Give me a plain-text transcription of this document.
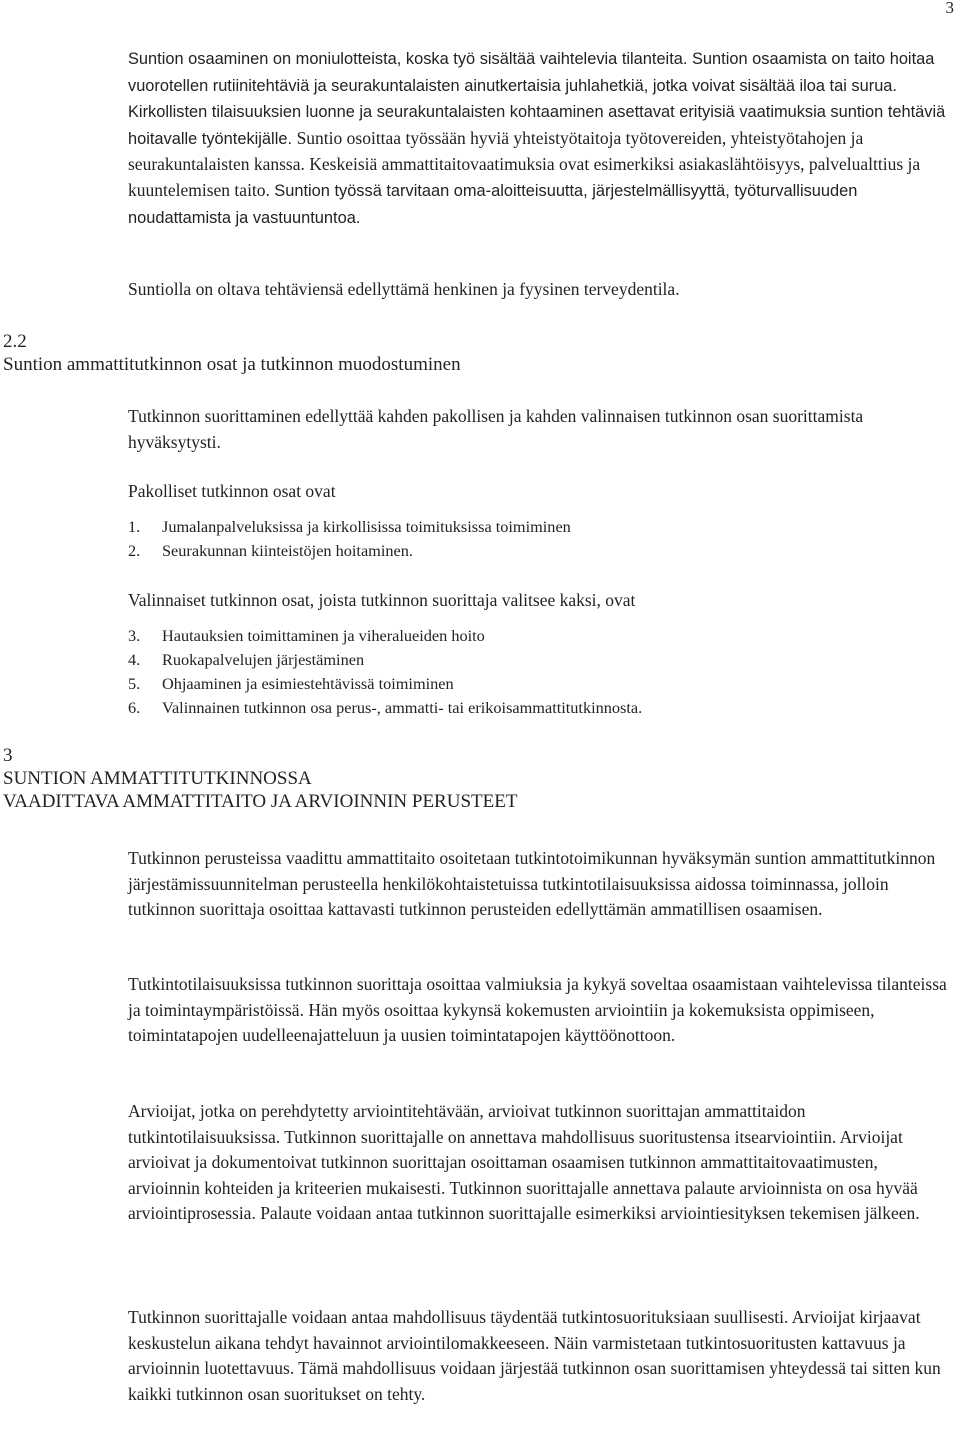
3

Suntion osaaminen on moniulotteista, koska työ sisältää vaihtelevia tilanteita. Suntion osaamista on taito hoitaa vuorotellen rutiinitehtäviä ja seurakuntalaisten ainutkertaisia juhlahetkiä, jotka voivat sisältää iloa tai surua. Kirkollisten tilaisuuksien luonne ja seurakuntalaisten kohtaaminen asettavat erityisiä vaatimuksia suntion tehtäviä hoitavalle työntekijälle. Suntio osoittaa työssään hyviä yhteistyötaitoja työtovereiden, yhteistyötahojen ja seurakuntalaisten kanssa. Keskeisiä ammattitaitovaatimuksia ovat esimerkiksi asiakaslähtöisyys, palvelualttius ja kuuntelemisen taito. Suntion työssä tarvitaan oma-aloitteisuutta, järjestelmällisyyttä, työturvallisuuden noudattamista ja vastuuntuntoa.

Suntiolla on oltava tehtäviensä edellyttämä henkinen ja fyysinen terveydentila.

2.2
Suntion ammattitutkinnon osat ja tutkinnon muodostuminen

Tutkinnon suorittaminen edellyttää kahden pakollisen ja kahden valinnaisen tutkinnon osan suorittamista hyväksytysti.

Pakolliset tutkinnon osat ovat

1. Jumalanpalveluksissa ja kirkollisissa toimituksissa toimiminen
2. Seurakunnan kiinteistöjen hoitaminen.

Valinnaiset tutkinnon osat, joista tutkinnon suorittaja valitsee kaksi, ovat

3. Hautauksien toimittaminen ja viheralueiden hoito
4. Ruokapalvelujen järjestäminen
5. Ohjaaminen ja esimiestehtävissä toimiminen
6. Valinnainen tutkinnon osa perus-, ammatti- tai erikoisammattitutkinnosta.
3
SUNTION AMMATTITUTKINNOSSA
VAADITTAVA AMMATTITAITO JA ARVIOINNIN PERUSTEET

Tutkinnon perusteissa vaadittu ammattitaito osoitetaan tutkintotoimikunnan hyväksymän suntion ammattitutkinnon järjestämissuunnitelman perusteella henkilökohtaistetuissa tutkintotilaisuuksissa aidossa toiminnassa, jolloin tutkinnon suorittaja osoittaa kattavasti tutkinnon perusteiden edellyttämän ammatillisen osaamisen.

Tutkintotilaisuuksissa tutkinnon suorittaja osoittaa valmiuksia ja kykyä soveltaa osaamistaan vaihtelevissa tilanteissa ja toimintaympäristöissä. Hän myös osoittaa kykynsä kokemusten arviointiin ja kokemuksista oppimiseen, toimintatapojen uudelleenajatteluun ja uusien toimintatapojen käyttöönottoon.

Arvioijat, jotka on perehdytetty arviointitehtävään, arvioivat tutkinnon suorittajan ammattitaidon tutkintotilaisuuksissa. Tutkinnon suorittajalle on annettava mahdollisuus suoritustensa itsearviointiin. Arvioijat arvioivat ja dokumentoivat tutkinnon suorittajan osoittaman osaamisen tutkinnon ammattitaitovaatimusten, arvioinnin kohteiden ja kriteerien mukaisesti. Tutkinnon suorittajalle annettava palaute arvioinnista on osa hyvää arviointiprosessia. Palaute voidaan antaa tutkinnon suorittajalle esimerkiksi arviointiesityksen tekemisen jälkeen.

Tutkinnon suorittajalle voidaan antaa mahdollisuus täydentää tutkintosuorituksiaan suullisesti. Arvioijat kirjaavat keskustelun aikana tehdyt havainnot arviointilomakkeeseen. Näin varmistetaan tutkintosuoritusten kattavuus ja arvioinnin luotettavuus. Tämä mahdollisuus voidaan järjestää tutkinnon osan suorittamisen yhteydessä tai sitten kun kaikki tutkinnon osan suoritukset on tehty.
